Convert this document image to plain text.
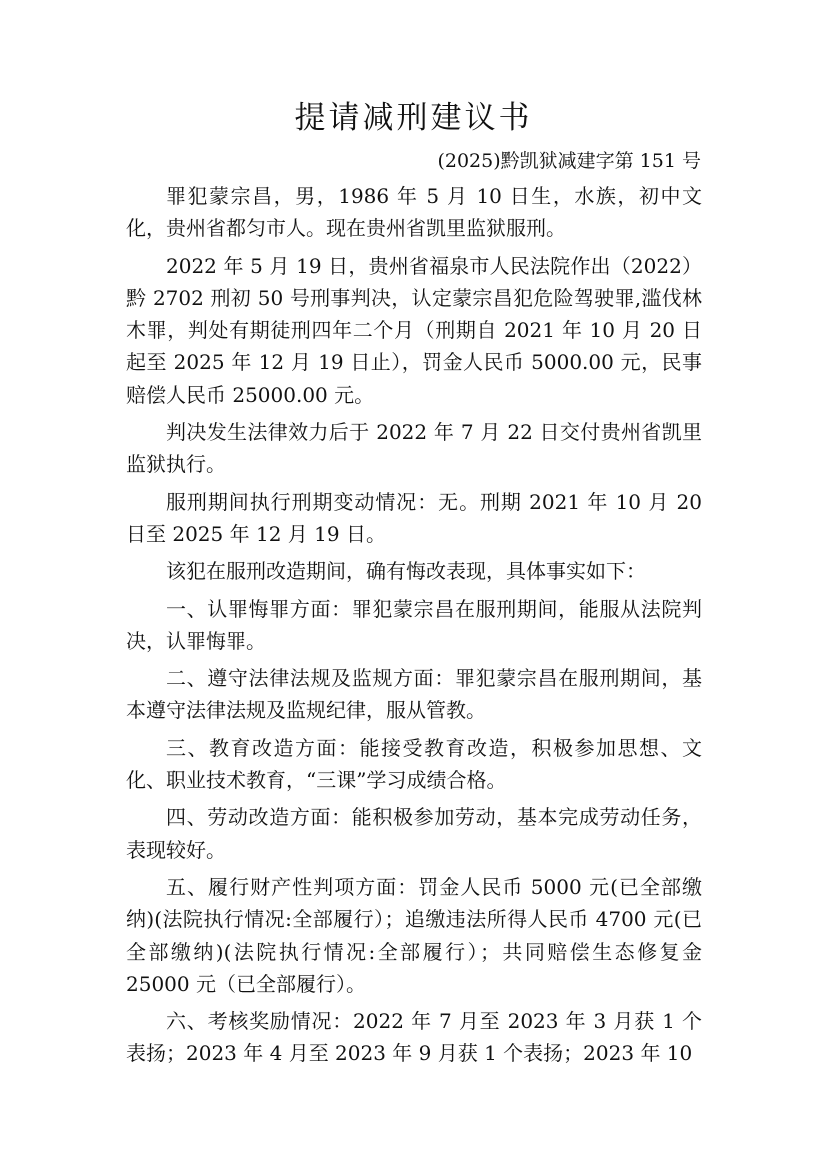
提请减刑建议书
(2025)黔凯狱减建字第 151 号

罪犯蒙宗昌，男，1986 年 5 月 10 日生，水族，初中文化，贵州省都匀市人。现在贵州省凯里监狱服刑。

2022 年 5 月 19 日，贵州省福泉市人民法院作出（2022）黔 2702 刑初 50 号刑事判决，认定蒙宗昌犯危险驾驶罪,滥伐林木罪，判处有期徒刑四年二个月（刑期自 2021 年 10 月 20 日起至 2025 年 12 月 19 日止），罚金人民币 5000.00 元，民事赔偿人民币 25000.00 元。

判决发生法律效力后于 2022 年 7 月 22 日交付贵州省凯里监狱执行。

服刑期间执行刑期变动情况：无。刑期 2021 年 10 月 20 日至 2025 年 12 月 19 日。

该犯在服刑改造期间，确有悔改表现，具体事实如下：

一、认罪悔罪方面：罪犯蒙宗昌在服刑期间，能服从法院判决，认罪悔罪。

二、遵守法律法规及监规方面：罪犯蒙宗昌在服刑期间，基本遵守法律法规及监规纪律，服从管教。

三、教育改造方面：能接受教育改造，积极参加思想、文化、职业技术教育，“三课”学习成绩合格。

四、劳动改造方面：能积极参加劳动，基本完成劳动任务，表现较好。

五、履行财产性判项方面：罚金人民币 5000 元(已全部缴纳)(法院执行情况:全部履行）；追缴违法所得人民币 4700 元(已全部缴纳)(法院执行情况:全部履行）；共同赔偿生态修复金 25000 元（已全部履行）。

六、考核奖励情况：2022 年 7 月至 2023 年 3 月获 1 个表扬；2023 年 4 月至 2023 年 9 月获 1 个表扬；2023 年 10
